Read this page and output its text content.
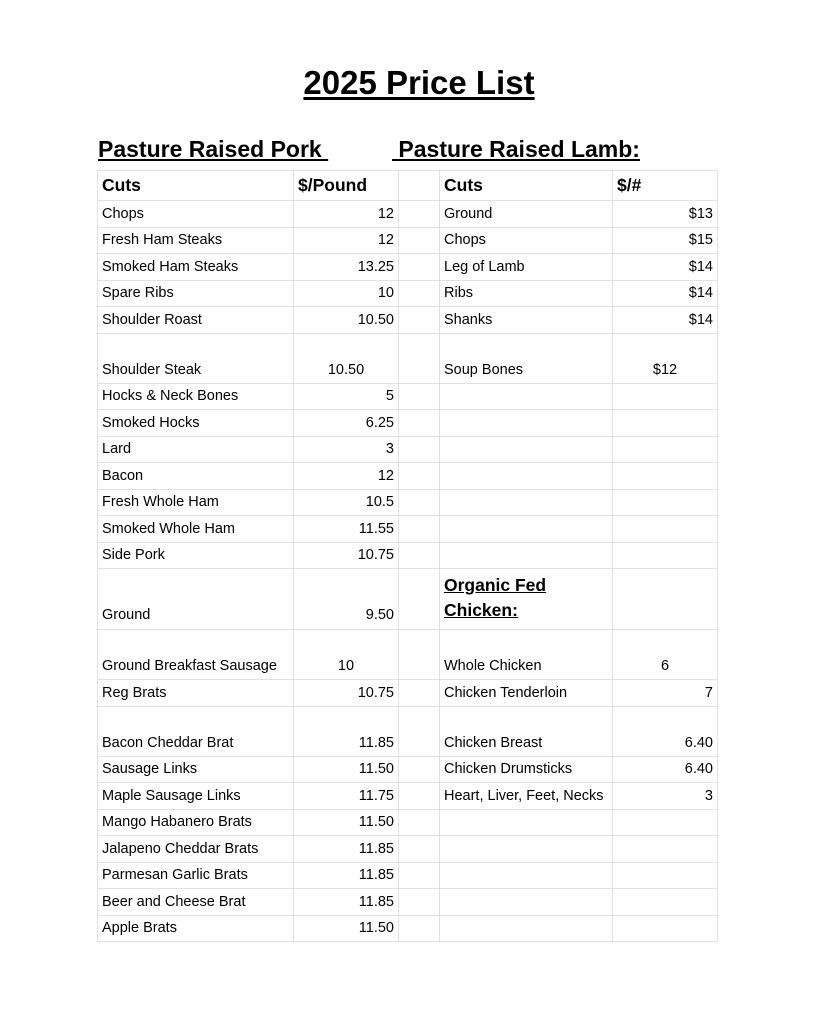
2025 Price List
Pasture Raised Pork	Pasture Raised Lamb:
Cuts	$/Pound		Cuts	$/#
Chops	12		Ground	$13
Fresh Ham Steaks	12		Chops	$15
Smoked Ham Steaks	13.25		Leg of Lamb	$14
Spare Ribs	10		Ribs	$14
Shoulder Roast	10.50		Shanks	$14
Shoulder Steak	10.50		Soup Bones	$12
Hocks & Neck Bones	5			
Smoked Hocks	6.25			
Lard	3			
Bacon	12			
Fresh Whole Ham	10.5			
Smoked Whole Ham	11.55			
Side Pork	10.75			
Ground	9.50		Organic Fed Chicken:	

Ground Breakfast Sausage	10		Whole Chicken	6
Reg Brats	10.75		Chicken Tenderloin	7
Bacon Cheddar Brat	11.85		Chicken Breast	6.40
Sausage Links	11.50		Chicken Drumsticks	6.40
Maple Sausage Links	11.75		Heart, Liver, Feet, Necks	3
Mango Habanero Brats	11.50			
Jalapeno Cheddar Brats	11.85			
Parmesan Garlic Brats	11.85			
Beer and Cheese Brat	11.85			
Apple Brats	11.50			
